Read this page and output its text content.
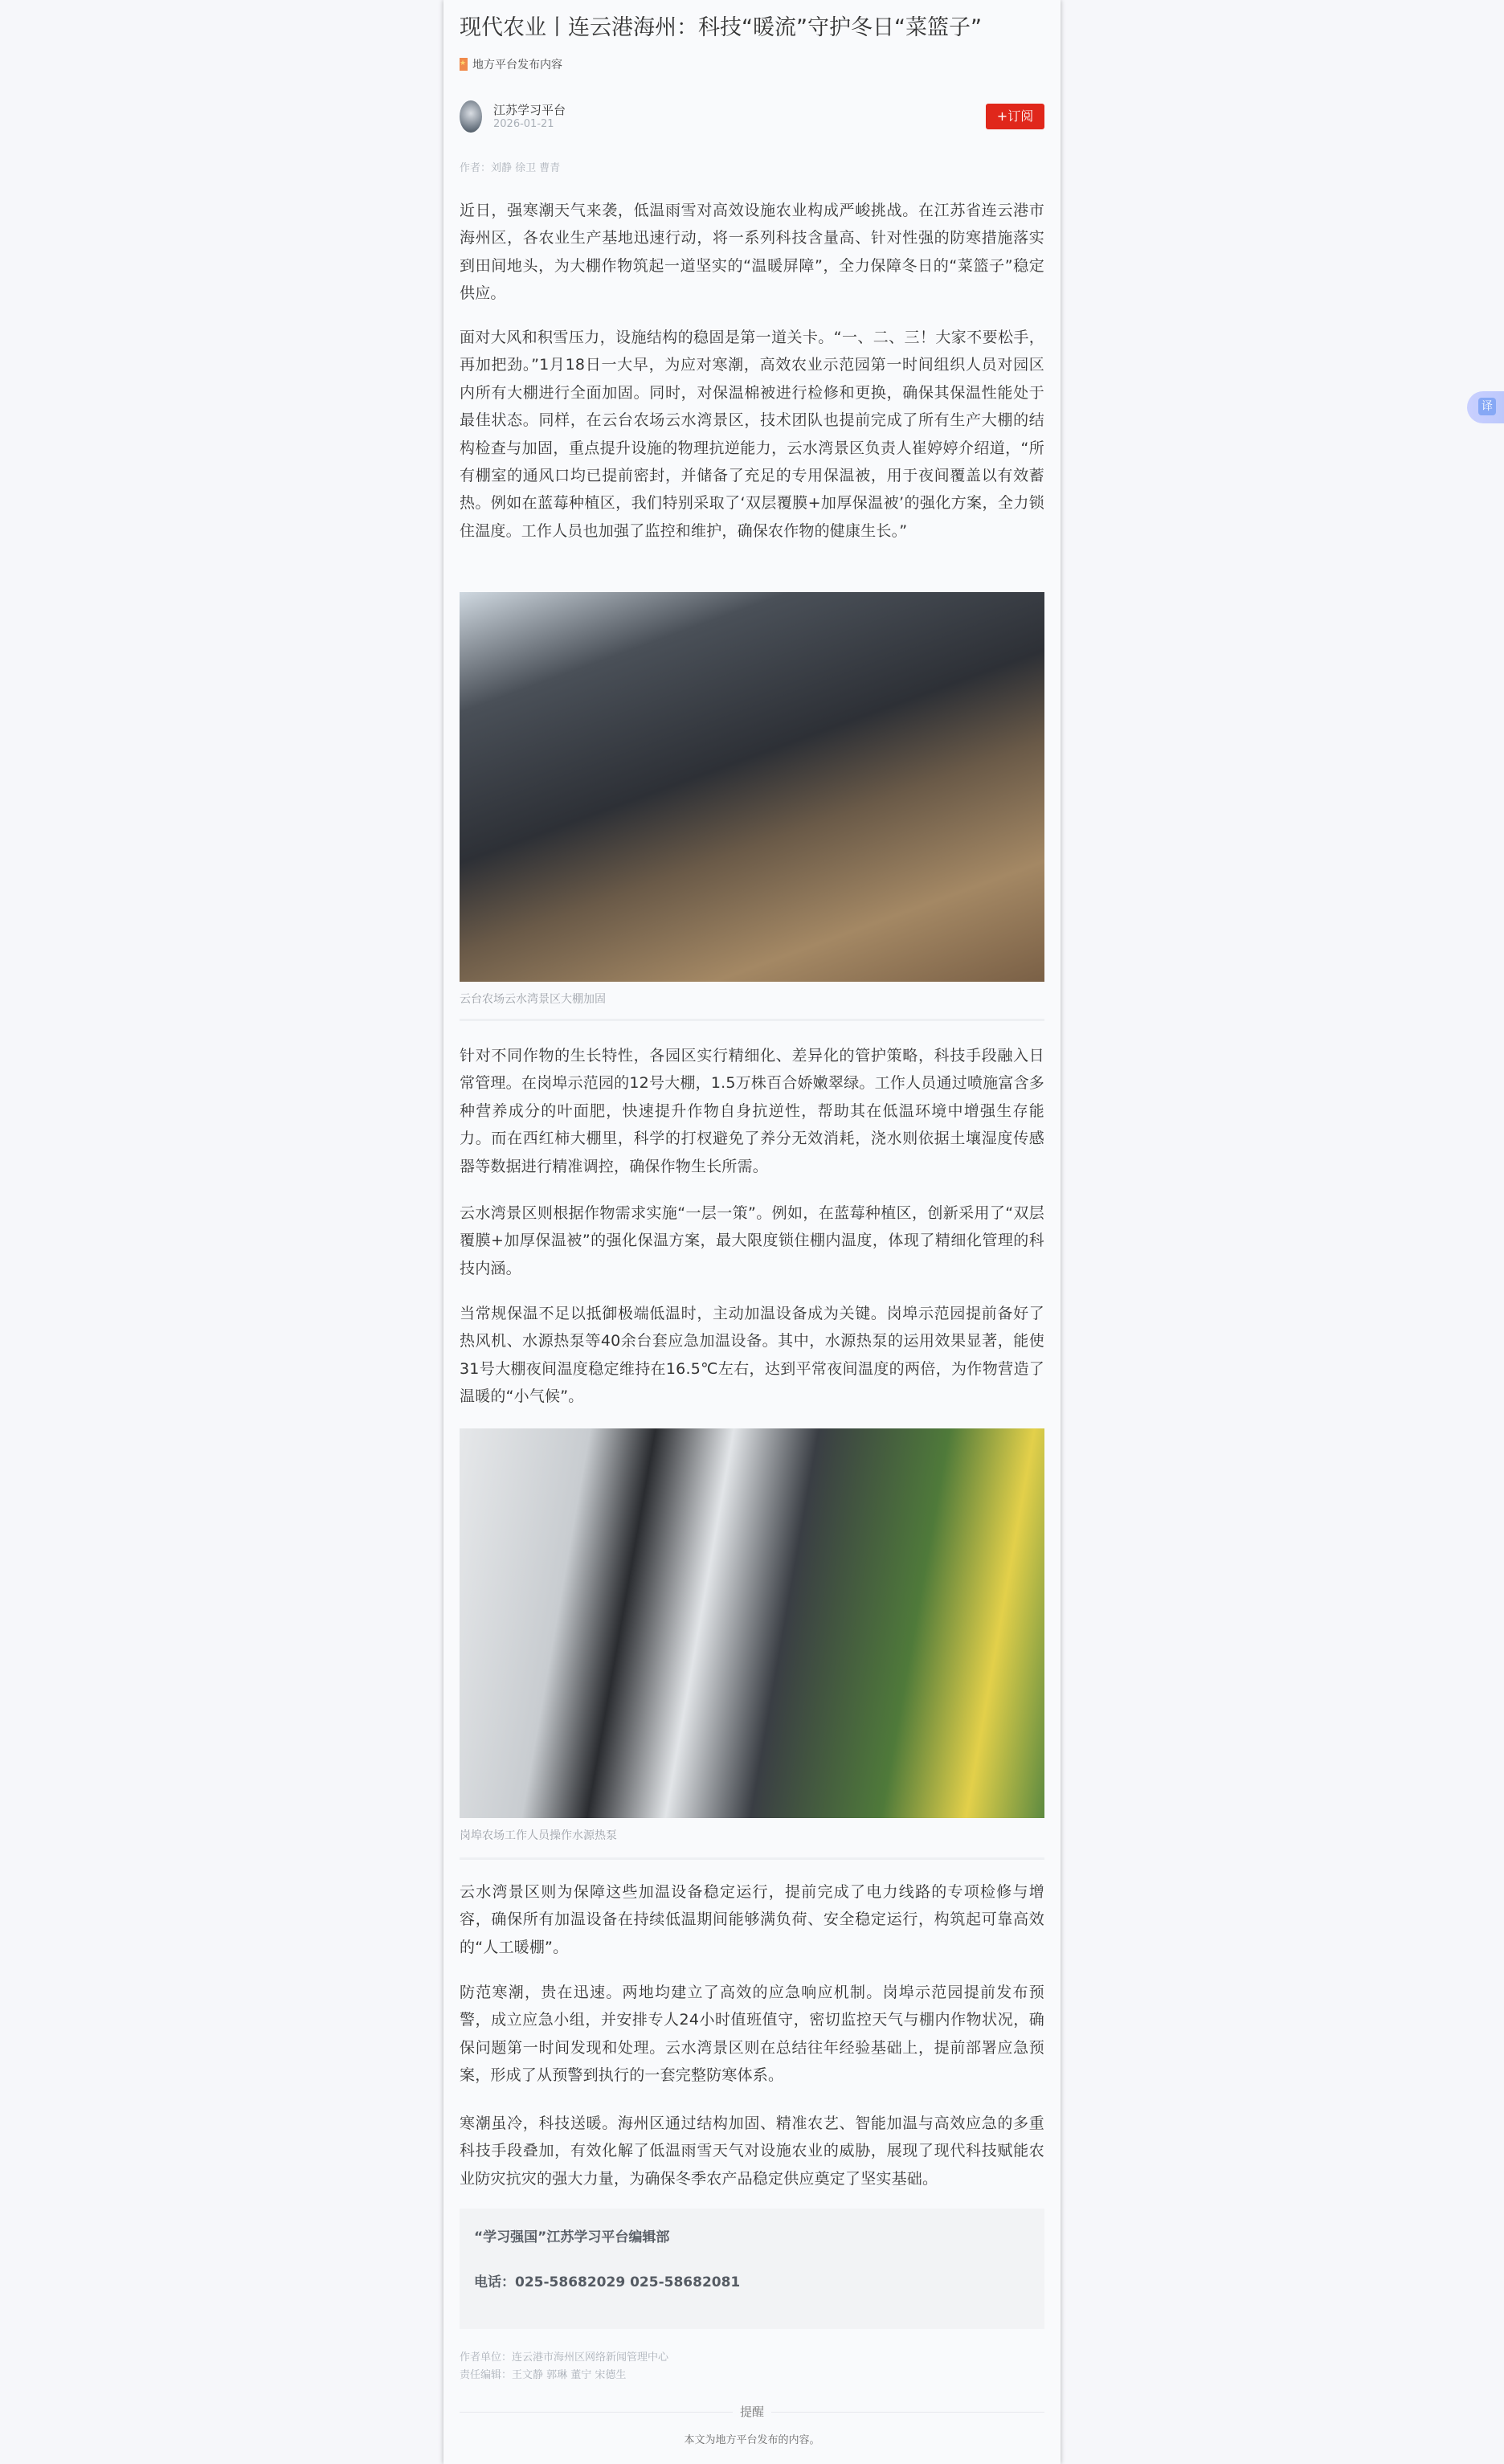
现代农业丨连云港海州：科技“暖流”守护冬日“菜篮子”
★
地方平台发布内容
江苏学习平台
2026-01-21
+订阅
作者：刘静 徐卫 曹青

近日，强寒潮天气来袭，低温雨雪对高效设施农业构成严峻挑战。在江苏省连云港市海州区，各农业生产基地迅速行动，将一系列科技含量高、针对性强的防寒措施落实到田间地头，为大棚作物筑起一道坚实的“温暖屏障”，全力保障冬日的“菜篮子”稳定供应。

面对大风和积雪压力，设施结构的稳固是第一道关卡。“一、二、三！大家不要松手，再加把劲。”1月18日一大早，为应对寒潮，高效农业示范园第一时间组织人员对园区内所有大棚进行全面加固。同时，对保温棉被进行检修和更换，确保其保温性能处于最佳状态。同样，在云台农场云水湾景区，技术团队也提前完成了所有生产大棚的结构检查与加固，重点提升设施的物理抗逆能力，云水湾景区负责人崔婷婷介绍道，“所有棚室的通风口均已提前密封，并储备了充足的专用保温被，用于夜间覆盖以有效蓄热。例如在蓝莓种植区，我们特别采取了‘双层覆膜+加厚保温被’的强化方案，全力锁住温度。工作人员也加强了监控和维护，确保农作物的健康生长。”

云台农场云水湾景区大棚加固

针对不同作物的生长特性，各园区实行精细化、差异化的管护策略，科技手段融入日常管理。在岗埠示范园的12号大棚，1.5万株百合娇嫩翠绿。工作人员通过喷施富含多种营养成分的叶面肥，快速提升作物自身抗逆性，帮助其在低温环境中增强生存能力。而在西红柿大棚里，科学的打杈避免了养分无效消耗，浇水则依据土壤湿度传感器等数据进行精准调控，确保作物生长所需。

云水湾景区则根据作物需求实施“一层一策”。例如，在蓝莓种植区，创新采用了“双层覆膜+加厚保温被”的强化保温方案，最大限度锁住棚内温度，体现了精细化管理的科技内涵。

当常规保温不足以抵御极端低温时，主动加温设备成为关键。岗埠示范园提前备好了热风机、水源热泵等40余台套应急加温设备。其中，水源热泵的运用效果显著，能使31号大棚夜间温度稳定维持在16.5℃左右，达到平常夜间温度的两倍，为作物营造了温暖的“小气候”。

岗埠农场工作人员操作水源热泵

云水湾景区则为保障这些加温设备稳定运行，提前完成了电力线路的专项检修与增容，确保所有加温设备在持续低温期间能够满负荷、安全稳定运行，构筑起可靠高效的“人工暖棚”。

防范寒潮，贵在迅速。两地均建立了高效的应急响应机制。岗埠示范园提前发布预警，成立应急小组，并安排专人24小时值班值守，密切监控天气与棚内作物状况，确保问题第一时间发现和处理。云水湾景区则在总结往年经验基础上，提前部署应急预案，形成了从预警到执行的一套完整防寒体系。

寒潮虽冷，科技送暖。海州区通过结构加固、精准农艺、智能加温与高效应急的多重科技手段叠加，有效化解了低温雨雪天气对设施农业的威胁，展现了现代科技赋能农业防灾抗灾的强大力量，为确保冬季农产品稳定供应奠定了坚实基础。

“学习强国”江苏学习平台编辑部
电话：025-58682029 025-58682081
作者单位：连云港市海州区网络新闻管理中心
责任编辑：王文静 郭琳 董宁 宋德生
提醒
本文为地方平台发布的内容。
译
